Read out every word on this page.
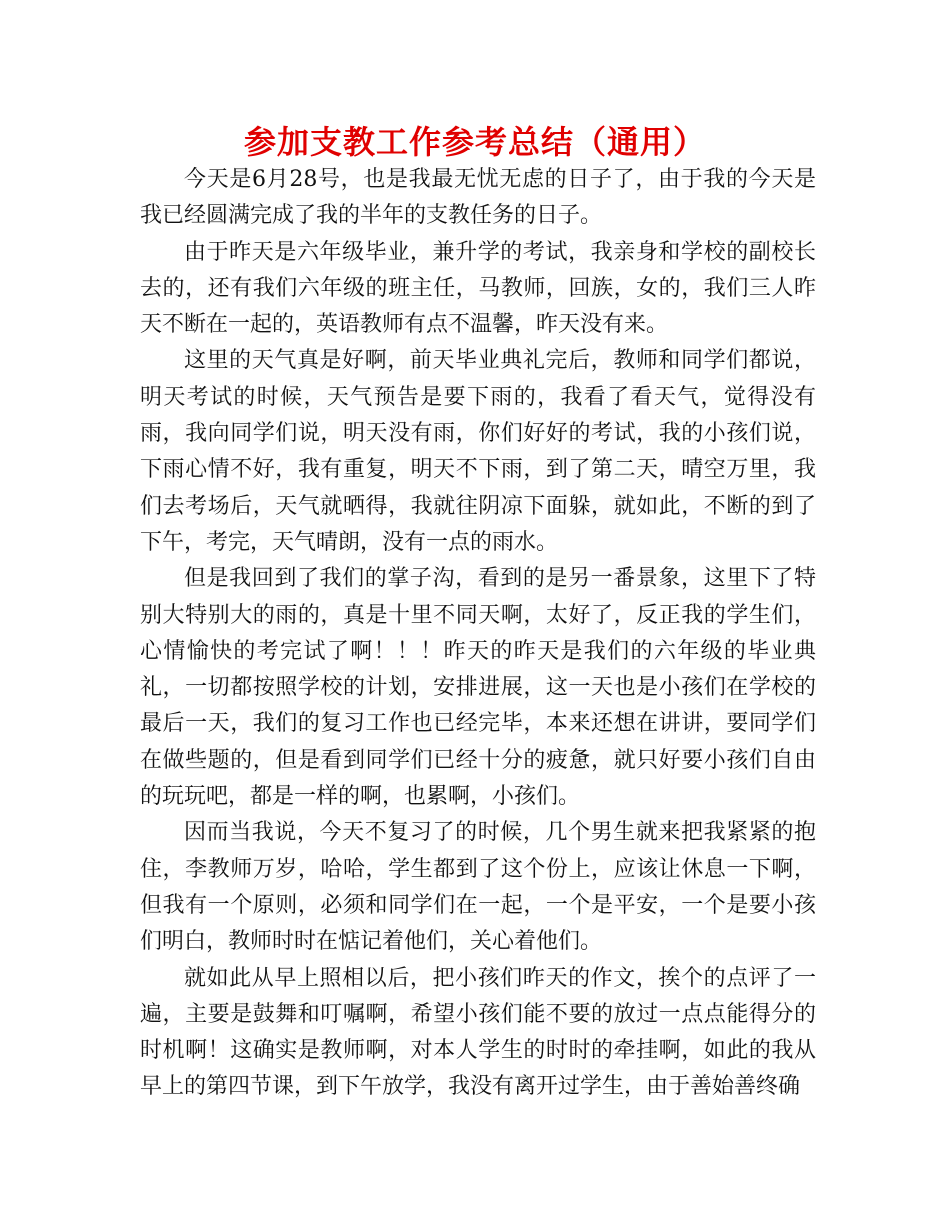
参加支教工作参考总结（通用）

今天是6月28号，也是我最无忧无虑的日子了，由于我的今天是我已经圆满完成了我的半年的支教任务的日子。

由于昨天是六年级毕业，兼升学的考试，我亲身和学校的副校长去的，还有我们六年级的班主任，马教师，回族，女的，我们三人昨天不断在一起的，英语教师有点不温馨，昨天没有来。

这里的天气真是好啊，前天毕业典礼完后，教师和同学们都说，明天考试的时候，天气预告是要下雨的，我看了看天气，觉得没有雨，我向同学们说，明天没有雨，你们好好的考试，我的小孩们说，下雨心情不好，我有重复，明天不下雨，到了第二天，晴空万里，我们去考场后，天气就晒得，我就往阴凉下面躲，就如此，不断的到了下午，考完，天气晴朗，没有一点的雨水。

但是我回到了我们的掌子沟，看到的是另一番景象，这里下了特别大特别大的雨的，真是十里不同天啊，太好了，反正我的学生们，心情愉快的考完试了啊！！！昨天的昨天是我们的六年级的毕业典礼，一切都按照学校的计划，安排进展，这一天也是小孩们在学校的最后一天，我们的复习工作也已经完毕，本来还想在讲讲，要同学们在做些题的，但是看到同学们已经十分的疲惫，就只好要小孩们自由的玩玩吧，都是一样的啊，也累啊，小孩们。

因而当我说，今天不复习了的时候，几个男生就来把我紧紧的抱住，李教师万岁，哈哈，学生都到了这个份上，应该让休息一下啊，但我有一个原则，必须和同学们在一起，一个是平安，一个是要小孩们明白，教师时时在惦记着他们，关心着他们。

就如此从早上照相以后，把小孩们昨天的作文，挨个的点评了一遍，主要是鼓舞和叮嘱啊，希望小孩们能不要的放过一点点能得分的时机啊！这确实是教师啊，对本人学生的时时的牵挂啊，如此的我从早上的第四节课，到下午放学，我没有离开过学生，由于善始善终确
